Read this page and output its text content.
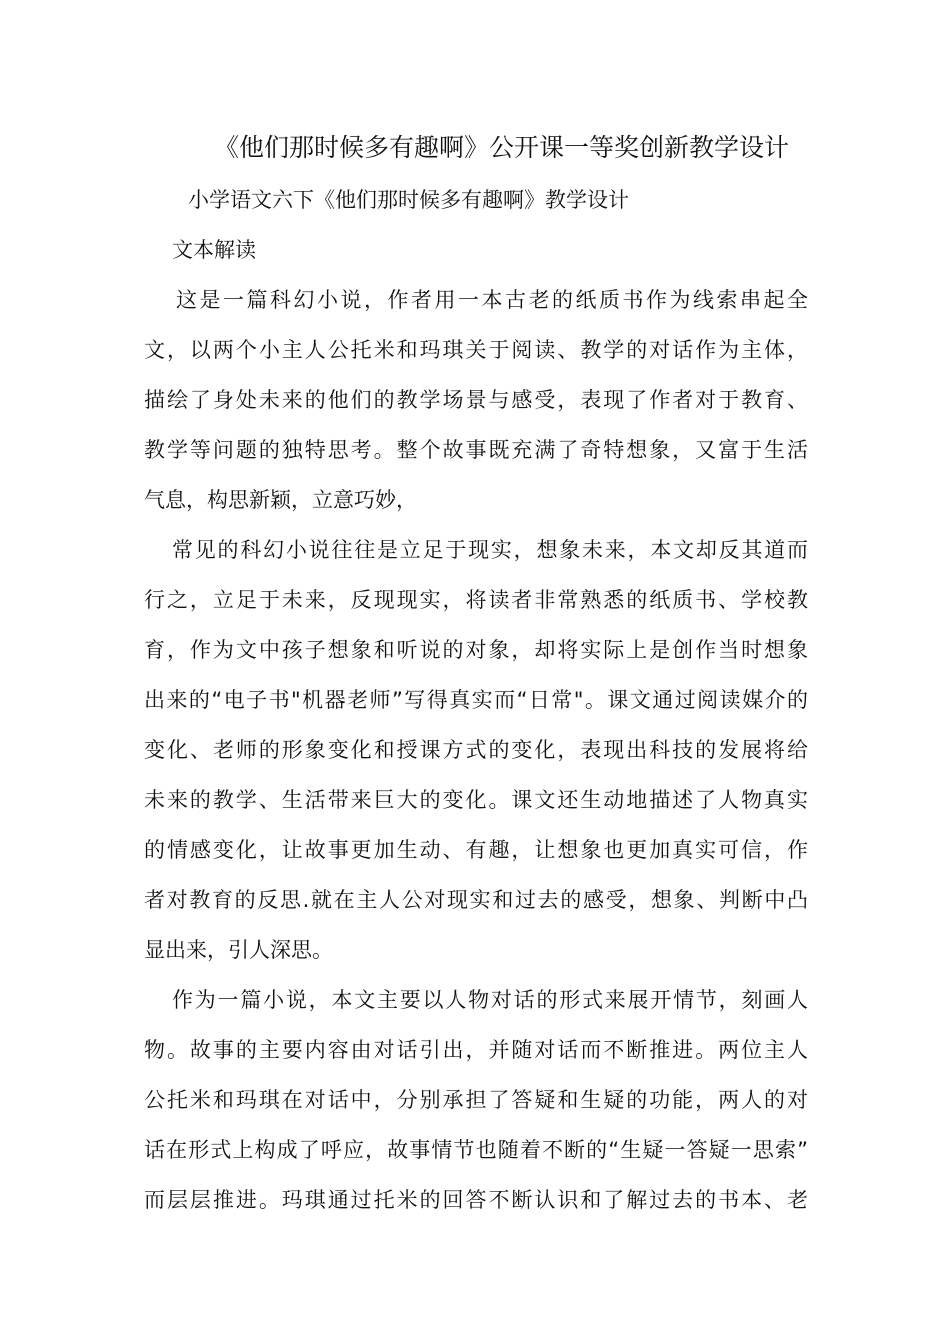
《他们那时候多有趣啊》公开课一等奖创新教学设计
小学语文六下《他们那时候多有趣啊》教学设计
文本解读
这是一篇科幻小说，作者用一本古老的纸质书作为线索串起全
文，以两个小主人公托米和玛琪关于阅读、教学的对话作为主体，
描绘了身处未来的他们的教学场景与感受，表现了作者对于教育、
教学等问题的独特思考。整个故事既充满了奇特想象，又富于生活
气息，构思新颖，立意巧妙，
常见的科幻小说往往是立足于现实，想象未来，本文却反其道而
行之，立足于未来，反现现实，将读者非常熟悉的纸质书、学校教
育，作为文中孩子想象和听说的对象，却将实际上是创作当时想象
出来的“电子书"机器老师”写得真实而“日常"。课文通过阅读媒介的
变化、老师的形象变化和授课方式的变化，表现出科技的发展将给
未来的教学、生活带来巨大的变化。课文还生动地描述了人物真实
的情感变化，让故事更加生动、有趣，让想象也更加真实可信，作
者对教育的反思.就在主人公对现实和过去的感受，想象、判断中凸
显出来，引人深思。
作为一篇小说，本文主要以人物对话的形式来展开情节，刻画人
物。故事的主要内容由对话引出，并随对话而不断推进。两位主人
公托米和玛琪在对话中，分别承担了答疑和生疑的功能，两人的对
话在形式上构成了呼应，故事情节也随着不断的“生疑一答疑一思索”
而层层推进。玛琪通过托米的回答不断认识和了解过去的书本、老
